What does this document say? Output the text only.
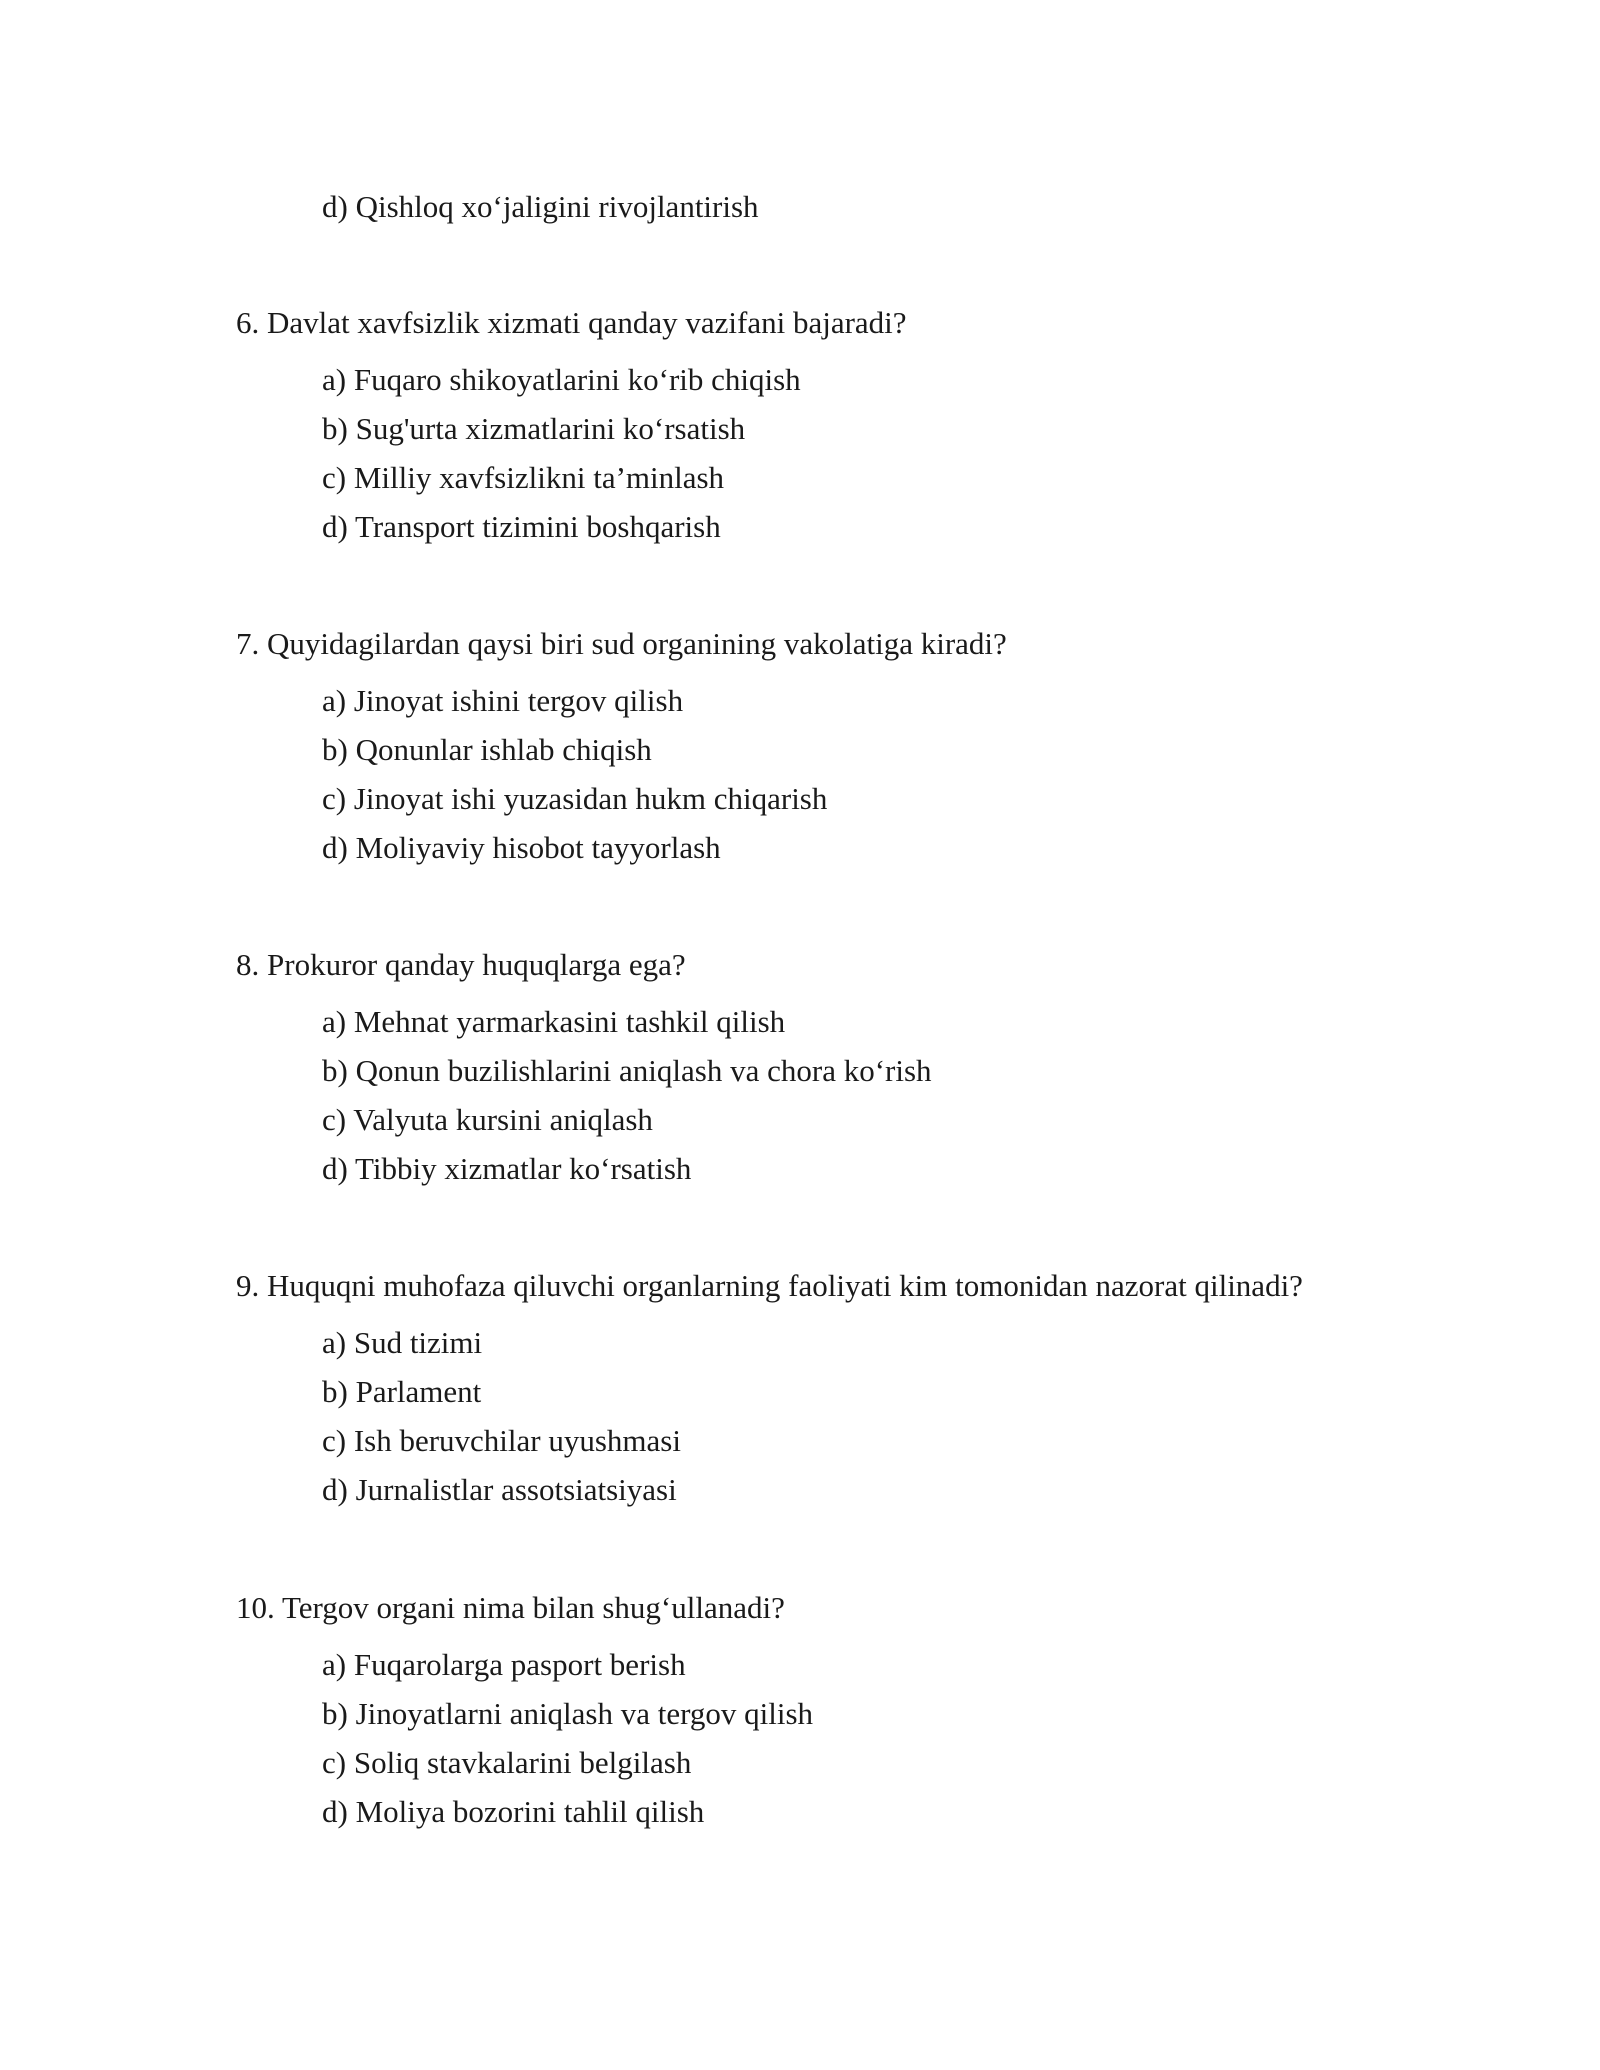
d) Qishloq xo‘jaligini rivojlantirish
6. Davlat xavfsizlik xizmati qanday vazifani bajaradi?
a) Fuqaro shikoyatlarini ko‘rib chiqish
b) Sug'urta xizmatlarini ko‘rsatish
c) Milliy xavfsizlikni ta’minlash
d) Transport tizimini boshqarish
7. Quyidagilardan qaysi biri sud organining vakolatiga kiradi?
a) Jinoyat ishini tergov qilish
b) Qonunlar ishlab chiqish
c) Jinoyat ishi yuzasidan hukm chiqarish
d) Moliyaviy hisobot tayyorlash
8. Prokuror qanday huquqlarga ega?
a) Mehnat yarmarkasini tashkil qilish
b) Qonun buzilishlarini aniqlash va chora ko‘rish
c) Valyuta kursini aniqlash
d) Tibbiy xizmatlar ko‘rsatish
9. Huquqni muhofaza qiluvchi organlarning faoliyati kim tomonidan nazorat qilinadi?
a) Sud tizimi
b) Parlament
c) Ish beruvchilar uyushmasi
d) Jurnalistlar assotsiatsiyasi
10. Tergov organi nima bilan shug‘ullanadi?
a) Fuqarolarga pasport berish
b) Jinoyatlarni aniqlash va tergov qilish
c) Soliq stavkalarini belgilash
d) Moliya bozorini tahlil qilish
